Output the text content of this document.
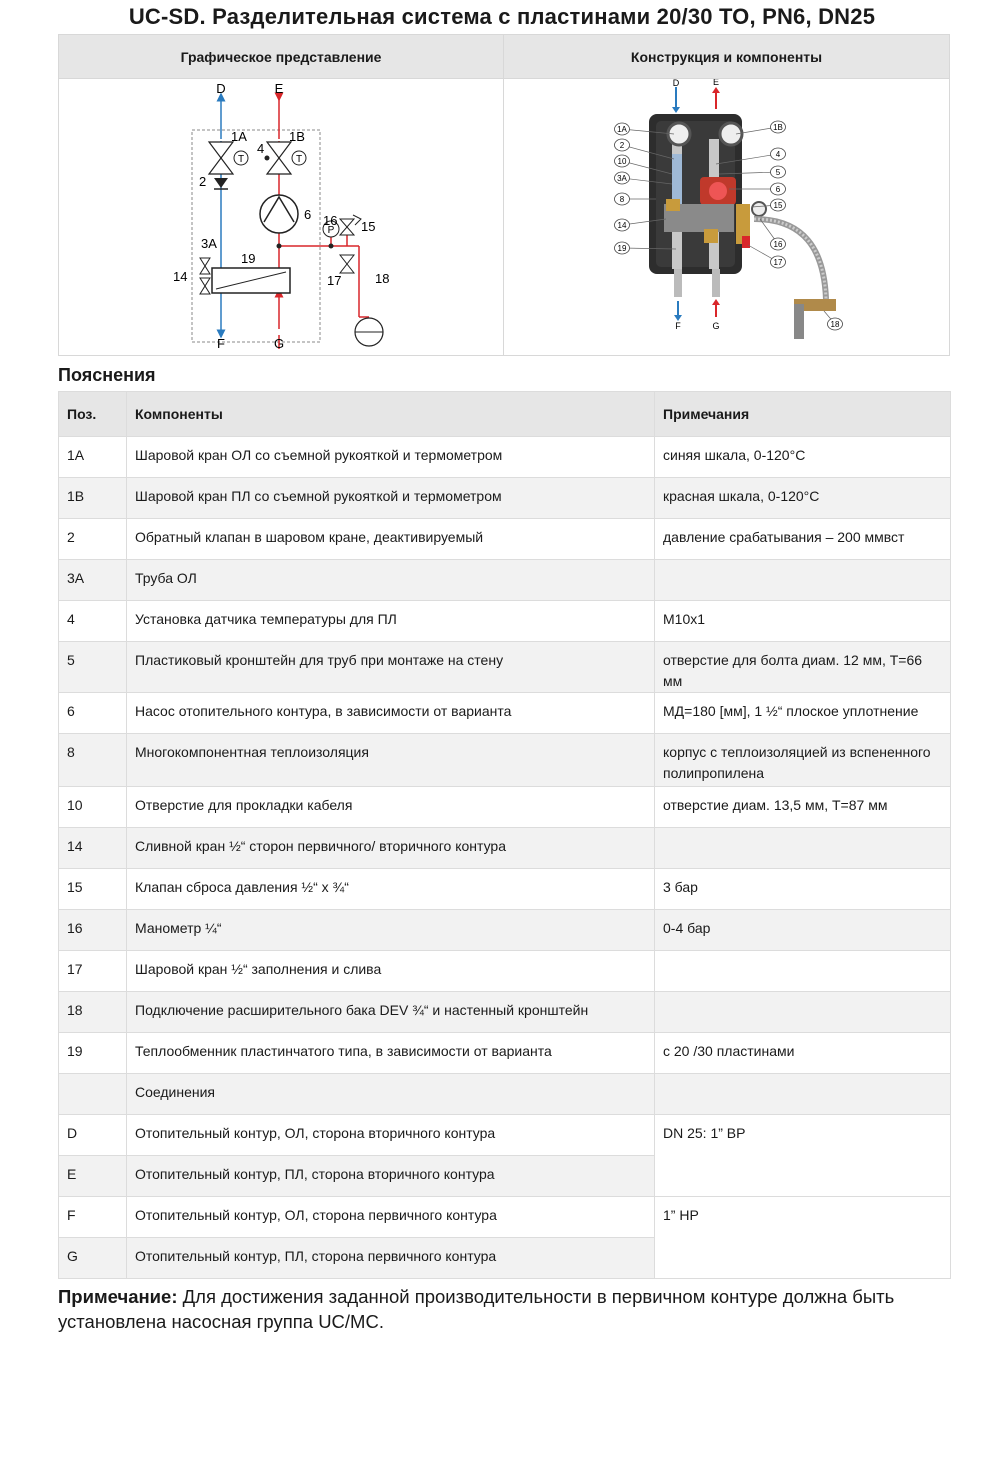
UC-SD. Разделительная система с пластинами 20/30 ТО, PN6, DN25
Графическое представление	Конструкция и компоненты
T	T
P
D	E
F	G
1A	1B
2
3A
4
6
14
15
16
17	18
19
D	E
F	G
1A
2
10
3A
8
14
19
1B
4
5
6
15
16
17
18
Пояснения
Поз.	Компоненты	Примечания
1A	Шаровой кран ОЛ со съемной рукояткой и термометром	синяя шкала, 0-120°C
1B	Шаровой кран ПЛ со съемной рукояткой и термометром	красная шкала, 0-120°C
2	Обратный клапан в шаровом кране, деактивируемый	давление срабатывания – 200 ммвст
3A	Труба ОЛ	
4	Установка датчика температуры для ПЛ	M10x1
5	Пластиковый кронштейн для труб при монтаже на стену	отверстие для болта диам. 12 мм, T=66 мм
6	Насос отопительного контура, в зависимости от варианта	МД=180 [мм], 1 ½“ плоское уплотнение
8	Многокомпонентная теплоизоляция	корпус с теплоизоляцией из вспененного полипропилена
10	Отверстие для прокладки кабеля	отверстие диам. 13,5 мм, T=87 мм
14	Сливной кран ½“ сторон первичного/ вторичного контура	
15	Клапан сброса давления ½“ x ¾“	3 бар
16	Манометр ¼“	0-4 бар
17	Шаровой кран ½“ заполнения и слива	
18	Подключение расширительного бака DEV ¾“ и настенный кронштейн	
19	Теплообменник пластинчатого типа, в зависимости от варианта	с 20 /30 пластинами
	Соединения	
D	Отопительный контур, ОЛ, сторона вторичного контура	DN 25: 1” ВР
E	Отопительный контур, ПЛ, сторона вторичного контура	
F	Отопительный контур, ОЛ, сторона первичного контура	1” НР
G	Отопительный контур, ПЛ, сторона первичного контура	
Примечание: Для достижения заданной производительности в первичном контуре должна быть установлена насосная группа UC/MC.
